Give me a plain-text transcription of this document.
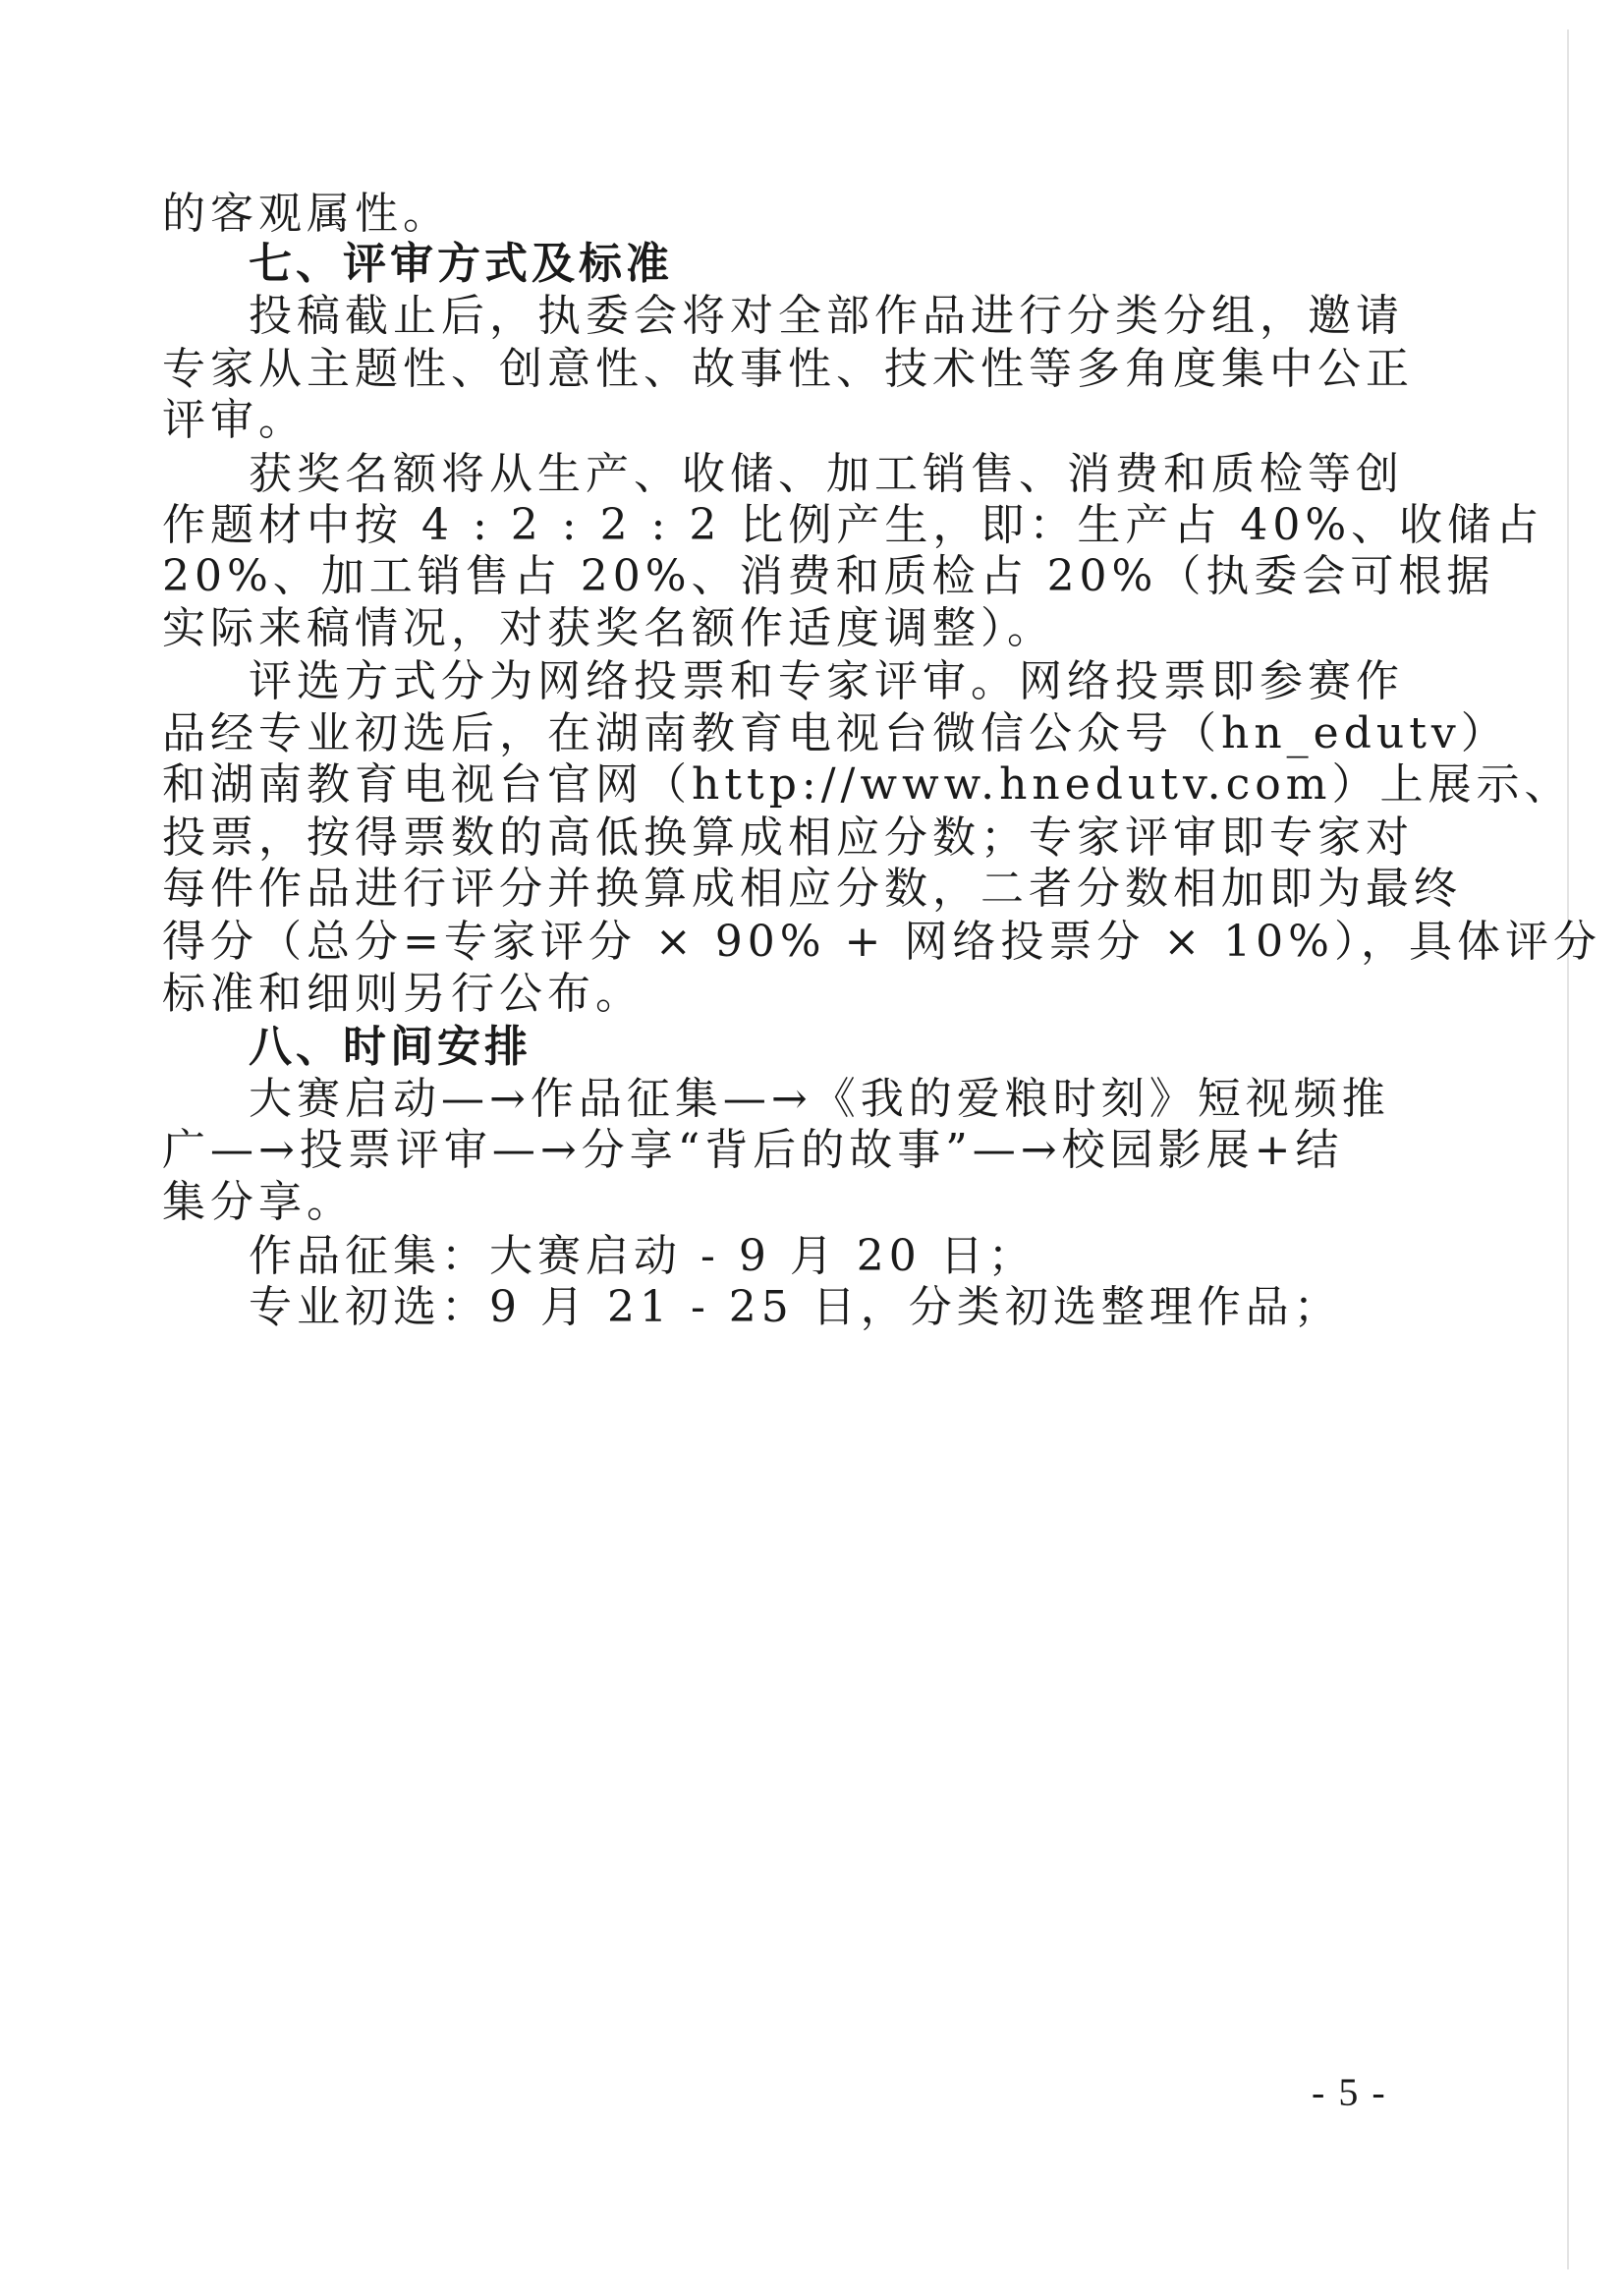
的客观属性。
七、评审方式及标准
投稿截止后，执委会将对全部作品进行分类分组，邀请
专家从主题性、创意性、故事性、技术性等多角度集中公正
评审。
获奖名额将从生产、收储、加工销售、消费和质检等创
作题材中按 4 : 2 : 2 : 2 比例产生，即：生产占 40%、收储占
20%、加工销售占 20%、消费和质检占 20%（执委会可根据
实际来稿情况，对获奖名额作适度调整）。
评选方式分为网络投票和专家评审。网络投票即参赛作
品经专业初选后，在湖南教育电视台微信公众号（hn_edutv）
和湖南教育电视台官网（http://www.hnedutv.com）上展示、
投票，按得票数的高低换算成相应分数；专家评审即专家对
每件作品进行评分并换算成相应分数，二者分数相加即为最终
得分（总分=专家评分 × 90% + 网络投票分 × 10%），具体评分
标准和细则另行公布。
八、时间安排
大赛启动—→作品征集—→《我的爱粮时刻》短视频推
广—→投票评审—→分享“背后的故事”—→校园影展+结
集分享。
作品征集：大赛启动 - 9 月 20 日；
专业初选：9 月 21 - 25 日，分类初选整理作品；
- 5 -
